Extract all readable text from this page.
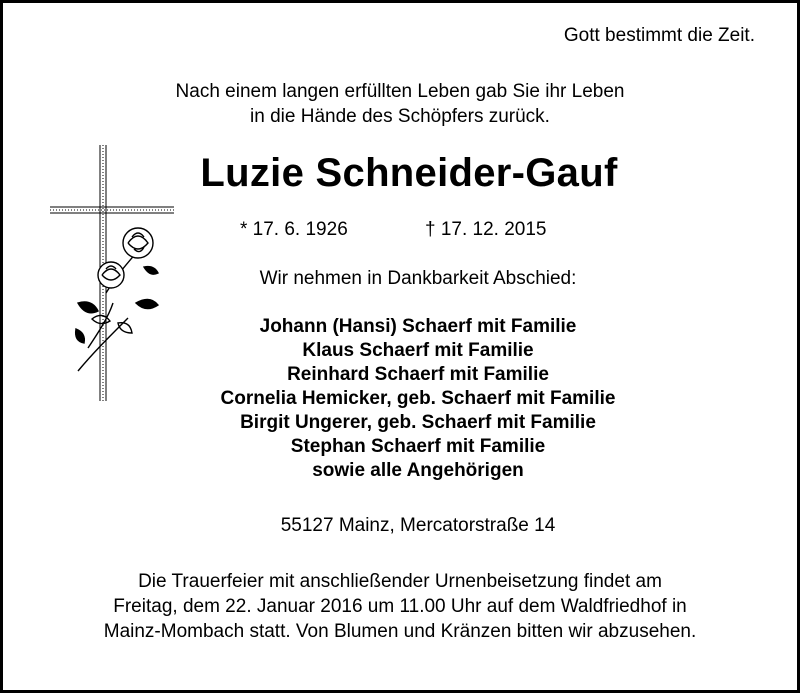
Gott bestimmt die Zeit.
Nach einem langen erfüllten Leben gab Sie ihr Leben
in die Hände des Schöpfers zurück.
Luzie Schneider-Gauf
* 17. 6. 1926	† 17. 12. 2015
Wir nehmen in Dankbarkeit Abschied:
Johann (Hansi) Schaerf mit Familie
Klaus Schaerf mit Familie
Reinhard Schaerf mit Familie
Cornelia Hemicker, geb. Schaerf mit Familie
Birgit Ungerer, geb. Schaerf mit Familie
Stephan Schaerf mit Familie
sowie alle Angehörigen
55127 Mainz, Mercatorstraße 14
Die Trauerfeier mit anschließender Urnenbeisetzung findet am
Freitag, dem 22. Januar 2016 um 11.00 Uhr auf dem Waldfriedhof in
Mainz-Mombach statt. Von Blumen und Kränzen bitten wir abzusehen.
